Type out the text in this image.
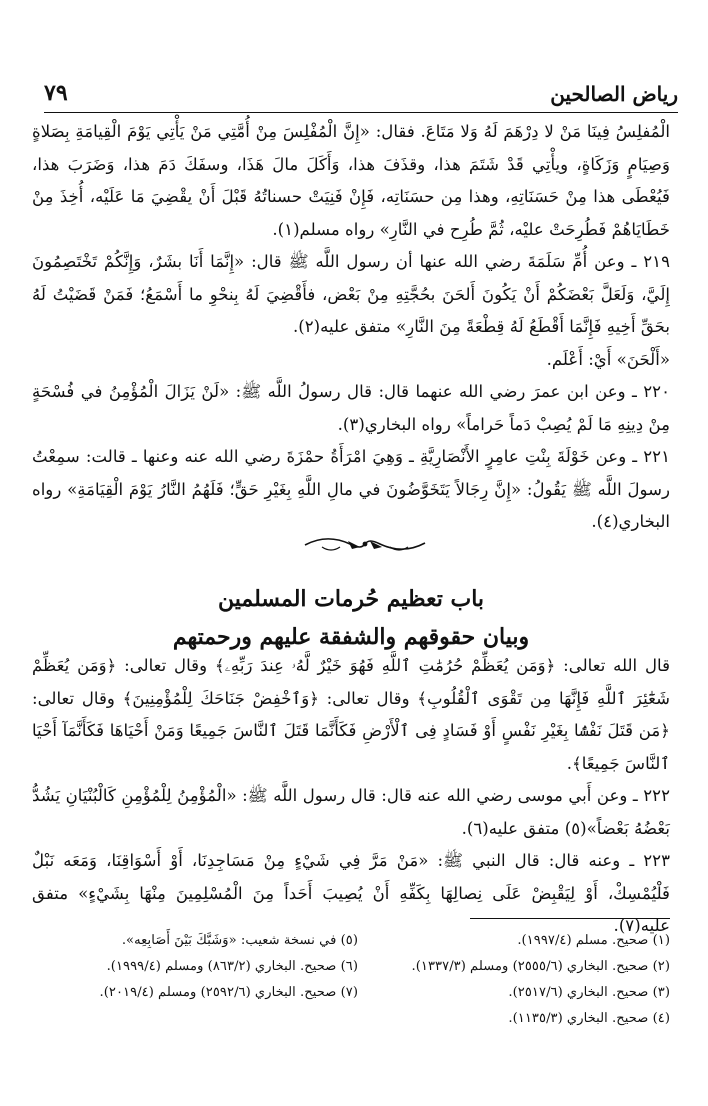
رياض الصالحين
٧٩

الْمُفلِسُ فِينَا مَنْ لا دِرْهَمَ لَهُ وَلا مَتَاعَ. فقال: «إِنَّ الْمُفْلِسَ مِنْ أُمَّتِي مَنْ يَأْتِي يَوْمَ الْقِيامَةِ بِصَلاةٍ وَصِيَامٍ وَزَكَاةٍ، ويأْتِي قَدْ شَتَمَ هذا، وقذَفَ هذا، وَأَكَلَ مالَ هَذَا، وسفَكَ دَمَ هذا، وَضَرَبَ هذا، فَيُعْطَى هذا مِنْ حَسَنَاتِهِ، وهذا مِن حسَنَاتِه، فَإِنْ فَنِيَتْ حسناتُهُ قَبْلَ أَنْ يقْضِيَ مَا عَلَيْه، أُخِذَ مِنْ خَطَايَاهُمْ فَطُرِحَتْ عليْه، ثُمَّ طُرِح في النَّارِ» رواه مسلم(١).

٢١٩ ـ وعن أُمِّ سَلَمَةَ رضي الله عنها أن رسول اللَّه ﷺ قال: «إِنَّمَا أَنَا بشَرٌ، وَإِنَّكُمْ تَخْتَصِمُونَ إِلَيَّ، وَلَعَلَّ بَعْضَكُمْ أَنْ يَكُونَ أَلحَنَ بحُجَّتِهِ مِنْ بَعْض، فأَقْضِيَ لَهُ بِنحْوِ ما أَسْمَعُ؛ فَمَنْ قَضَيْتُ لَهُ بحَقِّ أَخِيهِ فَإِنَّمَا أَقْطَعُ لَهُ قِطْعَةً مِنَ النَّارِ» متفق عليه(٢).

«أَلْحَنَ» أَيْ: أَعْلَم.

٢٢٠ ـ وعن ابن عمرَ رضي الله عنهما قال: قال رسولُ اللَّه ﷺ: «لَنْ يَزَالَ الْمُؤْمِنُ في فُسْحَةٍ مِنْ دِينِهِ مَا لَمْ يُصِبْ دَماً حَراماً» رواه البخاري(٣).

٢٢١ ـ وعن خَوْلَةَ بِنْتِ عامِرٍ الأَنْصَارِيَّةِ ـ وَهِيَ امْرَأَةُ حمْزَةَ رضي الله عنه وعنها ـ قالت: سمِعْتُ رسولَ اللَّه ﷺ يَقُولُ: «إِنَّ رِجَالاً يَتَخَوَّضُونَ في مالِ اللَّهِ بِغَيْرِ حَقٍّ؛ فَلَهُمُ النَّارُ يَوْمَ الْقِيَامَةِ» رواه البخاري(٤).

باب تعظيم حُرمات المسلمين
وبيان حقوقهم والشفقة عليهم ورحمتهم

قال الله تعالى: ﴿وَمَن يُعَظِّمْ حُرُمَٰتِ ٱللَّهِ فَهُوَ خَيْرٌ لَّهُۥ عِندَ رَبِّهِۦ﴾ وقال تعالى: ﴿وَمَن يُعَظِّمْ شَعَٰٓئِرَ ٱللَّهِ فَإِنَّهَا مِن تَقْوَى ٱلْقُلُوبِ﴾ وقال تعالى: ﴿وَٱخْفِضْ جَنَاحَكَ لِلْمُؤْمِنِينَ﴾ وقال تعالى: ﴿مَن قَتَلَ نَفْسًۢا بِغَيْرِ نَفْسٍ أَوْ فَسَادٍ فِى ٱلْأَرْضِ فَكَأَنَّمَا قَتَلَ ٱلنَّاسَ جَمِيعًا وَمَنْ أَحْيَاهَا فَكَأَنَّمَآ أَحْيَا ٱلنَّاسَ جَمِيعًا﴾.

٢٢٢ ـ وعن أَبي موسى رضي الله عنه قال: قال رسول اللَّه ﷺ: «الْمُؤْمِنُ لِلْمُؤْمِنِ كَالْبُنْيَانِ يَشُدُّ بَعْضُهُ بَعْضاً»(٥) متفق عليه(٦).

٢٢٣ ـ وعنه قال: قال النبي ﷺ: «مَنْ مَرَّ فِي شَيْءٍ مِنْ مَسَاجِدِنَا، أَوْ أَسْوَاقِنَا، وَمَعَه نَبْلٌ فَلْيُمْسِكْ، أَوْ لِيَقْبِضْ عَلَى نِصالِهَا بِكَفِّهِ أَنْ يُصِيبَ أَحَداً مِنَ الْمُسْلِمِينَ مِنْهَا بِشَيْءٍ» متفق عليه(٧).

(١) صحيح. مسلم (١٩٩٧/٤).

(٢) صحيح. البخاري (٢٥٥٥/٦) ومسلم (١٣٣٧/٣).

(٣) صحيح. البخاري (٢٥١٧/٦).

(٤) صحيح. البخاري (١١٣٥/٣).

(٥) في نسخة شعيب: «وَشَبَّكَ بَيْنَ أَصَابِعِه».

(٦) صحيح. البخاري (٨٦٣/٢) ومسلم (١٩٩٩/٤).

(٧) صحيح. البخاري (٢٥٩٢/٦) ومسلم (٢٠١٩/٤).
